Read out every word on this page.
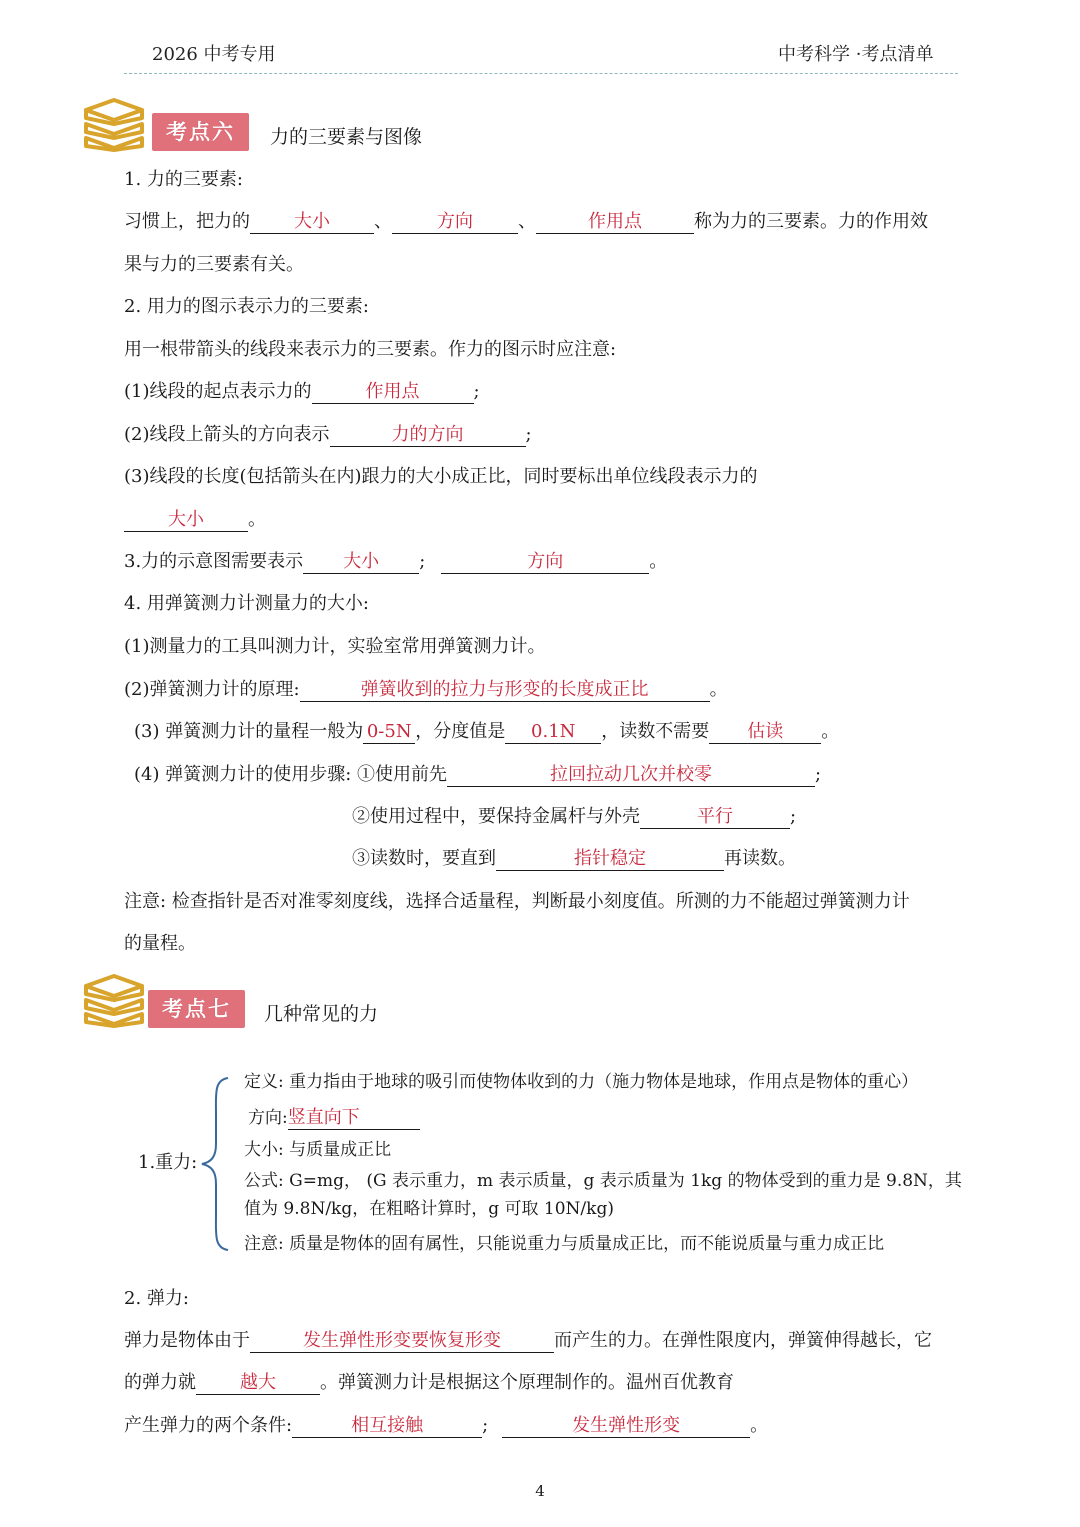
2026 中考专用	中考科学 ·考点清单
考点六	力的三要素与图像
1. 力的三要素:
习惯上，把力的 大小 、	方向	、	作用点	称为力的三要素。力的作用效
果与力的三要素有关。
2. 用力的图示表示力的三要素:
用一根带箭头的线段来表示力的三要素。作力的图示时应注意:
(1)线段的起点表示力的	作用点	;
(2)线段上箭头的方向表示	力的方向	;
(3)线段的长度(包括箭头在内)跟力的大小成正比，同时要标出单位线段表示力的
大小 。
3.力的示意图需要表示 大小 ;	方向	。
4. 用弹簧测力计测量力的大小:
(1)测量力的工具叫测力计，实验室常用弹簧测力计。
(2)弹簧测力计的原理:	弹簧收到的拉力与形变的长度成正比	。
(3) 弹簧测力计的量程一般为 0-5N ，分度值是 0.1N ，读数不需要 估读 。
(4) 弹簧测力计的使用步骤: ①使用前先	拉回拉动几次并校零	;
②使用过程中，要保持金属杆与外壳	平行	;
③读数时，要直到	指针稳定	再读数。
注意: 检查指针是否对准零刻度线，选择合适量程，判断最小刻度值。所测的力不能超过弹簧测力计
的量程。
考点七	几种常见的力
1.重力:
定义: 重力指由于地球的吸引而使物体收到的力（施力物体是地球，作用点是物体的重心）
方向:竖直向下
大小: 与质量成正比
公式: G=mg， (G 表示重力，m 表示质量，g 表示质量为 1kg 的物体受到的重力是 9.8N，其
值为 9.8N/kg，在粗略计算时，g 可取 10N/kg)
注意: 质量是物体的固有属性，只能说重力与质量成正比，而不能说质量与重力成正比
2. 弹力:
弹力是物体由于	发生弹性形变要恢复形变	而产生的力。在弹性限度内，弹簧伸得越长，它
的弹力就 越大 。弹簧测力计是根据这个原理制作的。温州百优教育
产生弹力的两个条件:	相互接触	;	发生弹性形变	。
4
